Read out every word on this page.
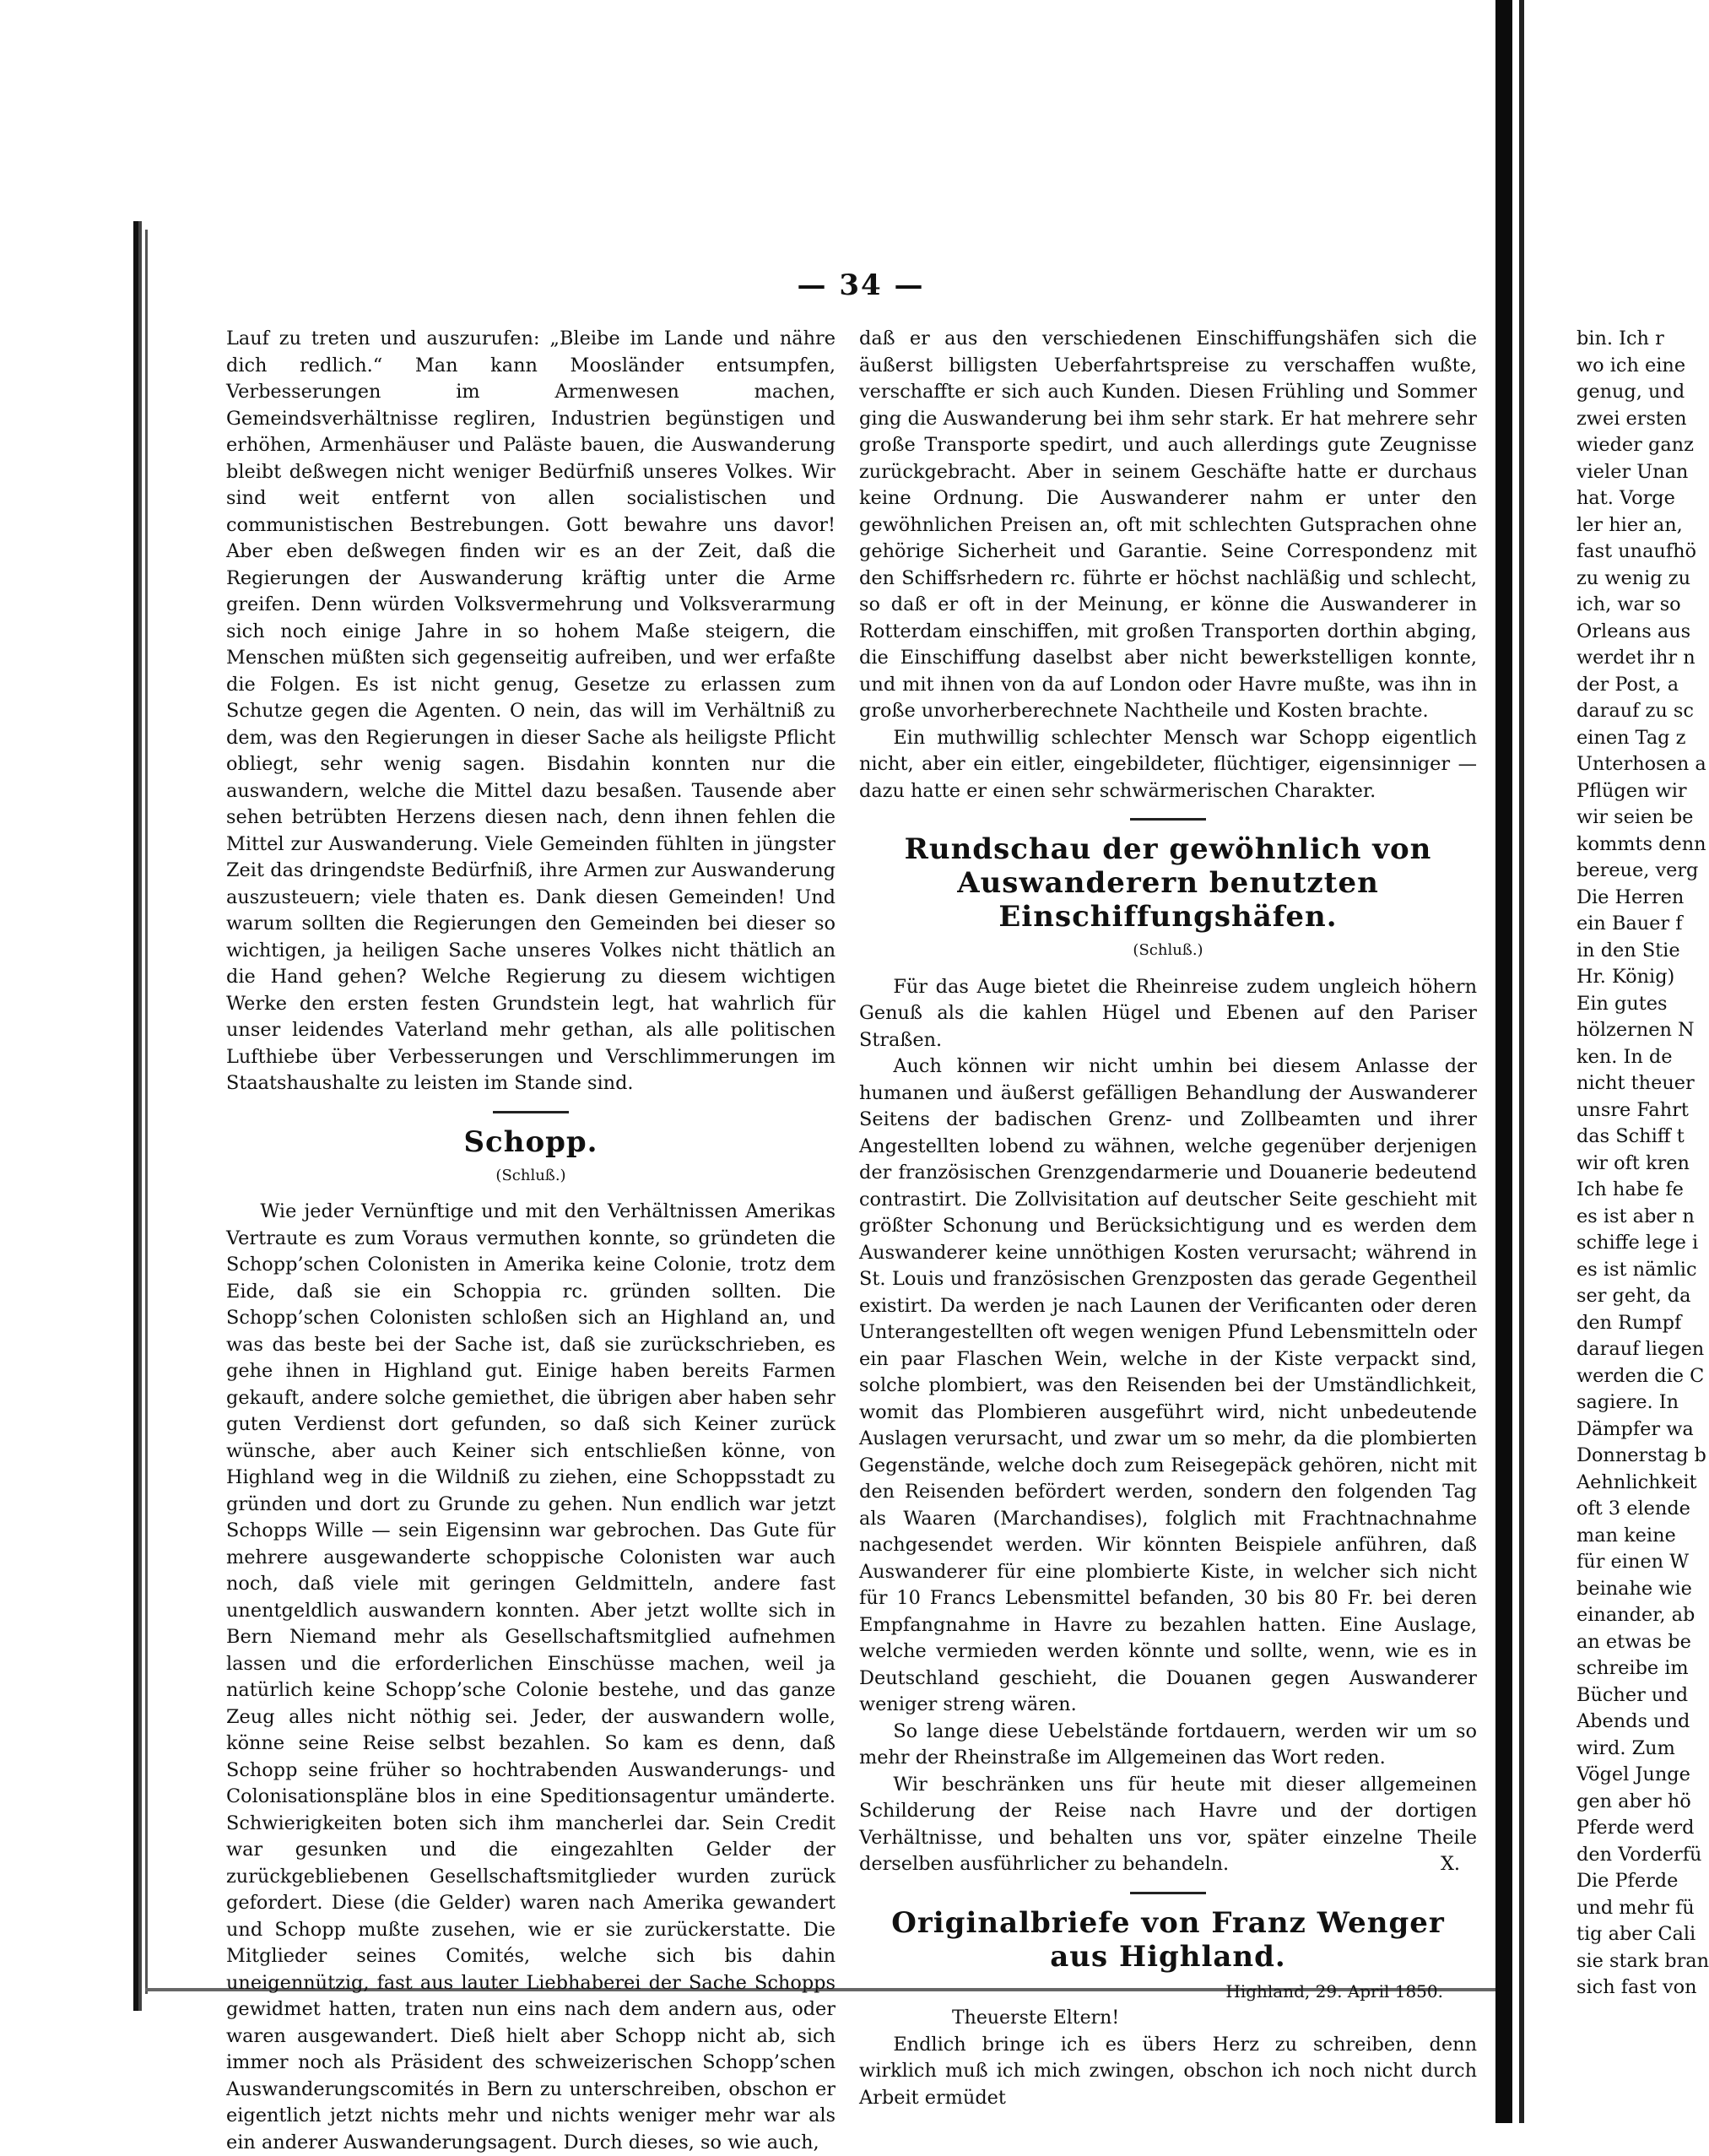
— 34 —

Lauf zu treten und auszurufen: „Bleibe im Lande und nähre dich redlich.“ Man kann Moosländer entsumpfen, Verbesserungen im Armenwesen machen, Gemeindsverhältnisse regliren, Industrien begünstigen und erhöhen, Armenhäuser und Paläste bauen, die Auswanderung bleibt deßwegen nicht weniger Bedürfniß unseres Volkes. Wir sind weit entfernt von allen socialistischen und communistischen Bestrebungen. Gott bewahre uns davor! Aber eben deßwegen finden wir es an der Zeit, daß die Regierungen der Auswanderung kräftig unter die Arme greifen. Denn würden Volksvermehrung und Volksverarmung sich noch einige Jahre in so hohem Maße steigern, die Menschen müßten sich gegenseitig aufreiben, und wer erfaßte die Folgen. Es ist nicht genug, Gesetze zu erlassen zum Schutze gegen die Agenten. O nein, das will im Verhältniß zu dem, was den Regierungen in dieser Sache als heiligste Pflicht obliegt, sehr wenig sagen. Bisdahin konnten nur die auswandern, welche die Mittel dazu besaßen. Tausende aber sehen betrübten Herzens diesen nach, denn ihnen fehlen die Mittel zur Auswanderung. Viele Gemeinden fühlten in jüngster Zeit das dringendste Bedürfniß, ihre Armen zur Auswanderung auszusteuern; viele thaten es. Dank diesen Gemeinden! Und warum sollten die Regierungen den Gemeinden bei dieser so wichtigen, ja heiligen Sache unseres Volkes nicht thätlich an die Hand gehen? Welche Regierung zu diesem wichtigen Werke den ersten festen Grundstein legt, hat wahrlich für unser leidendes Vaterland mehr gethan, als alle politischen Lufthiebe über Verbesserungen und Verschlimmerungen im Staatshaushalte zu leisten im Stande sind.

Schopp.
(Schluß.)

Wie jeder Vernünftige und mit den Verhältnissen Amerikas Vertraute es zum Voraus vermuthen konnte, so gründeten die Schopp’schen Colonisten in Amerika keine Colonie, trotz dem Eide, daß sie ein Schoppia rc. gründen sollten. Die Schopp’schen Colonisten schloßen sich an Highland an, und was das beste bei der Sache ist, daß sie zurückschrieben, es gehe ihnen in Highland gut. Einige haben bereits Farmen gekauft, andere solche gemiethet, die übrigen aber haben sehr guten Verdienst dort gefunden, so daß sich Keiner zurück wünsche, aber auch Keiner sich entschließen könne, von Highland weg in die Wildniß zu ziehen, eine Schoppsstadt zu gründen und dort zu Grunde zu gehen. Nun endlich war jetzt Schopps Wille — sein Eigensinn war gebrochen. Das Gute für mehrere ausgewanderte schoppische Colonisten war auch noch, daß viele mit geringen Geldmitteln, andere fast unentgeldlich auswandern konnten. Aber jetzt wollte sich in Bern Niemand mehr als Gesellschaftsmitglied aufnehmen lassen und die erforderlichen Einschüsse machen, weil ja natürlich keine Schopp’sche Colonie bestehe, und das ganze Zeug alles nicht nöthig sei. Jeder, der auswandern wolle, könne seine Reise selbst bezahlen. So kam es denn, daß Schopp seine früher so hochtrabenden Auswanderungs- und Colonisationspläne blos in eine Speditionsagentur umänderte. Schwierigkeiten boten sich ihm mancherlei dar. Sein Credit war gesunken und die eingezahlten Gelder der zurückgebliebenen Gesellschaftsmitglieder wurden zurück gefordert. Diese (die Gelder) waren nach Amerika gewandert und Schopp mußte zusehen, wie er sie zurückerstatte. Die Mitglieder seines Comités, welche sich bis dahin uneigennützig, fast aus lauter Liebhaberei der Sache Schopps gewidmet hatten, traten nun eins nach dem andern aus, oder waren ausgewandert. Dieß hielt aber Schopp nicht ab, sich immer noch als Präsident des schweizerischen Schopp’schen Auswanderungscomités in Bern zu unterschreiben, obschon er eigentlich jetzt nichts mehr und nichts weniger mehr war als ein anderer Auswanderungsagent. Durch dieses, so wie auch,

daß er aus den verschiedenen Einschiffungshäfen sich die äußerst billigsten Ueberfahrtspreise zu verschaffen wußte, verschaffte er sich auch Kunden. Diesen Frühling und Sommer ging die Auswanderung bei ihm sehr stark. Er hat mehrere sehr große Transporte spedirt, und auch allerdings gute Zeugnisse zurückgebracht. Aber in seinem Geschäfte hatte er durchaus keine Ordnung. Die Auswanderer nahm er unter den gewöhnlichen Preisen an, oft mit schlechten Gutsprachen ohne gehörige Sicherheit und Garantie. Seine Correspondenz mit den Schiffsrhedern rc. führte er höchst nachläßig und schlecht, so daß er oft in der Meinung, er könne die Auswanderer in Rotterdam einschiffen, mit großen Transporten dorthin abging, die Einschiffung daselbst aber nicht bewerkstelligen konnte, und mit ihnen von da auf London oder Havre mußte, was ihn in große unvorherberechnete Nachtheile und Kosten brachte.

Ein muthwillig schlechter Mensch war Schopp eigentlich nicht, aber ein eitler, eingebildeter, flüchtiger, eigensinniger — dazu hatte er einen sehr schwärmerischen Charakter.

Rundschau der gewöhnlich von Auswanderern benutzten Einschiffungshäfen.
(Schluß.)

Für das Auge bietet die Rheinreise zudem ungleich höhern Genuß als die kahlen Hügel und Ebenen auf den Pariser Straßen.

Auch können wir nicht umhin bei diesem Anlasse der humanen und äußerst gefälligen Behandlung der Auswanderer Seitens der badischen Grenz- und Zollbeamten und ihrer Angestellten lobend zu wähnen, welche gegenüber derjenigen der französischen Grenzgendarmerie und Douanerie bedeutend contrastirt. Die Zollvisitation auf deutscher Seite geschieht mit größter Schonung und Berücksichtigung und es werden dem Auswanderer keine unnöthigen Kosten verursacht; während in St. Louis und französischen Grenzposten das gerade Gegentheil existirt. Da werden je nach Launen der Verificanten oder deren Unterangestellten oft wegen wenigen Pfund Lebensmitteln oder ein paar Flaschen Wein, welche in der Kiste verpackt sind, solche plombiert, was den Reisenden bei der Umständlichkeit, womit das Plombieren ausgeführt wird, nicht unbedeutende Auslagen verursacht, und zwar um so mehr, da die plombierten Gegenstände, welche doch zum Reisegepäck gehören, nicht mit den Reisenden befördert werden, sondern den folgenden Tag als Waaren (Marchandises), folglich mit Frachtnachnahme nachgesendet werden. Wir könnten Beispiele anführen, daß Auswanderer für eine plombierte Kiste, in welcher sich nicht für 10 Francs Lebensmittel befanden, 30 bis 80 Fr. bei deren Empfangnahme in Havre zu bezahlen hatten. Eine Auslage, welche vermieden werden könnte und sollte, wenn, wie es in Deutschland geschieht, die Douanen gegen Auswanderer weniger streng wären.

So lange diese Uebelstände fortdauern, werden wir um so mehr der Rheinstraße im Allgemeinen das Wort reden.

Wir beschränken uns für heute mit dieser allgemeinen Schilderung der Reise nach Havre und der dortigen Verhältnisse, und behalten uns vor, später einzelne Theile derselben ausführlicher zu behandeln.	X.

Originalbriefe von Franz Wenger aus Highland.
Highland, 29. April 1850.
Theuerste Eltern!

Endlich bringe ich es übers Herz zu schreiben, denn wirklich muß ich mich zwingen, obschon ich noch nicht durch Arbeit ermüdet

bin. Ich r
wo ich eine
genug, und
zwei ersten
wieder ganz
vieler Unan
hat. Vorge
ler hier an,
fast unaufhö
zu wenig zu
ich, war so
Orleans aus
werdet ihr n
der Post, a
darauf zu sc
einen Tag z
Unterhosen a
Pflügen wir
wir seien be
kommts denn
bereue, verg
Die Herren
ein Bauer f
in den Stie
Hr. König)
Ein gutes
hölzernen N
ken. In de
nicht theuer
unsre Fahrt
das Schiff t
wir oft kren
Ich habe fe
es ist aber n
schiffe lege i
es ist nämlic
ser geht, da
den Rumpf
darauf liegen
werden die C
sagiere. In
Dämpfer wa
Donnerstag b
Aehnlichkeit
oft 3 elende
man keine
für einen W
beinahe wie
einander, ab
an etwas be
schreibe im
Bücher und
Abends und
wird. Zum
Vögel Junge
gen aber hö
Pferde werd
den Vorderfü
Die Pferde
und mehr fü
tig aber Cali
sie stark bran
sich fast von
